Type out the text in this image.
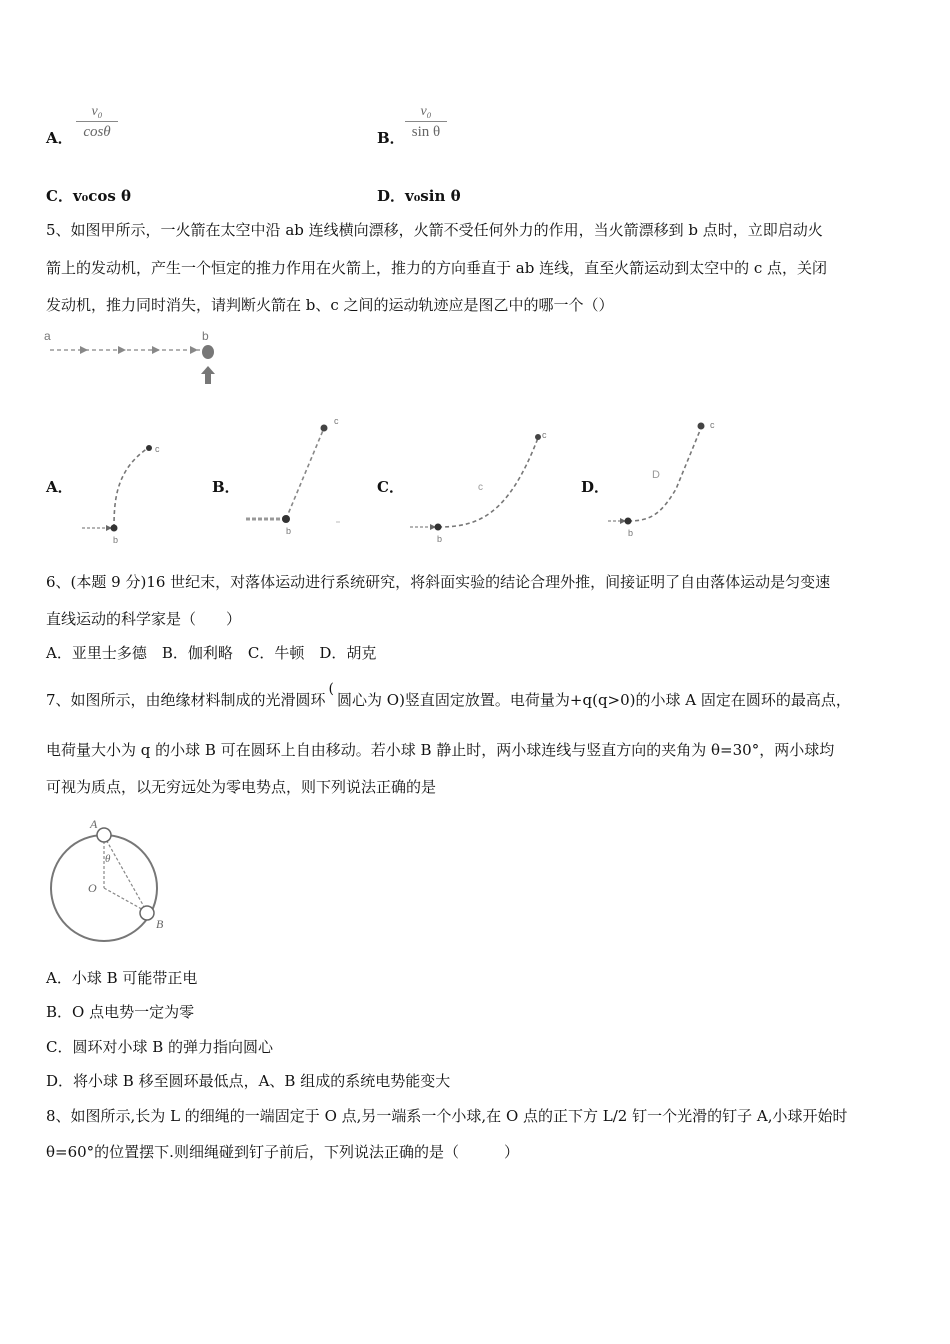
A．
v₀
cosθ	B．
v₀
sin θ
C．v₀cos θ	D．v₀sin θ
5、如图甲所示，一火箭在太空中沿 ab 连线横向漂移，火箭不受任何外力的作用，当火箭漂移到 b 点时，立即启动火
箭上的发动机，产生一个恒定的推力作用在火箭上，推力的方向垂直于 ab 连线，直至火箭运动到太空中的 c 点，关闭
发动机，推力同时消失，请判断火箭在 b、c 之间的运动轨迹应是图乙中的哪一个（）
a	b
A．	B．	C．	D．
b
c
b
c
c
b
c
D
b
c
6、(本题 9 分)16 世纪末，对落体运动进行系统研究，将斜面实验的结论合理外推，间接证明了自由落体运动是匀变速
直线运动的科学家是（　　）
A．亚里士多德　B．伽利略　C．牛顿　D．胡克
7、如图所示，由绝缘材料制成的光滑圆环(圆心为 O)竖直固定放置。电荷量为+q(q>0)的小球 A 固定在圆环的最高点，
电荷量大小为 q 的小球 B 可在圆环上自由移动。若小球 B 静止时，两小球连线与竖直方向的夹角为 θ=30°，两小球均
可视为质点，以无穷远处为零电势点，则下列说法正确的是
A
B
O
θ
A．小球 B 可能带正电
B．O 点电势一定为零
C．圆环对小球 B 的弹力指向圆心
D．将小球 B 移至圆环最低点，A、B 组成的系统电势能变大
8、如图所示,长为 L 的细绳的一端固定于 O 点,另一端系一个小球,在 O 点的正下方 L/2 钉一个光滑的钉子 A,小球开始时
θ=60°的位置摆下.则细绳碰到钉子前后，下列说法正确的是（　　　）
